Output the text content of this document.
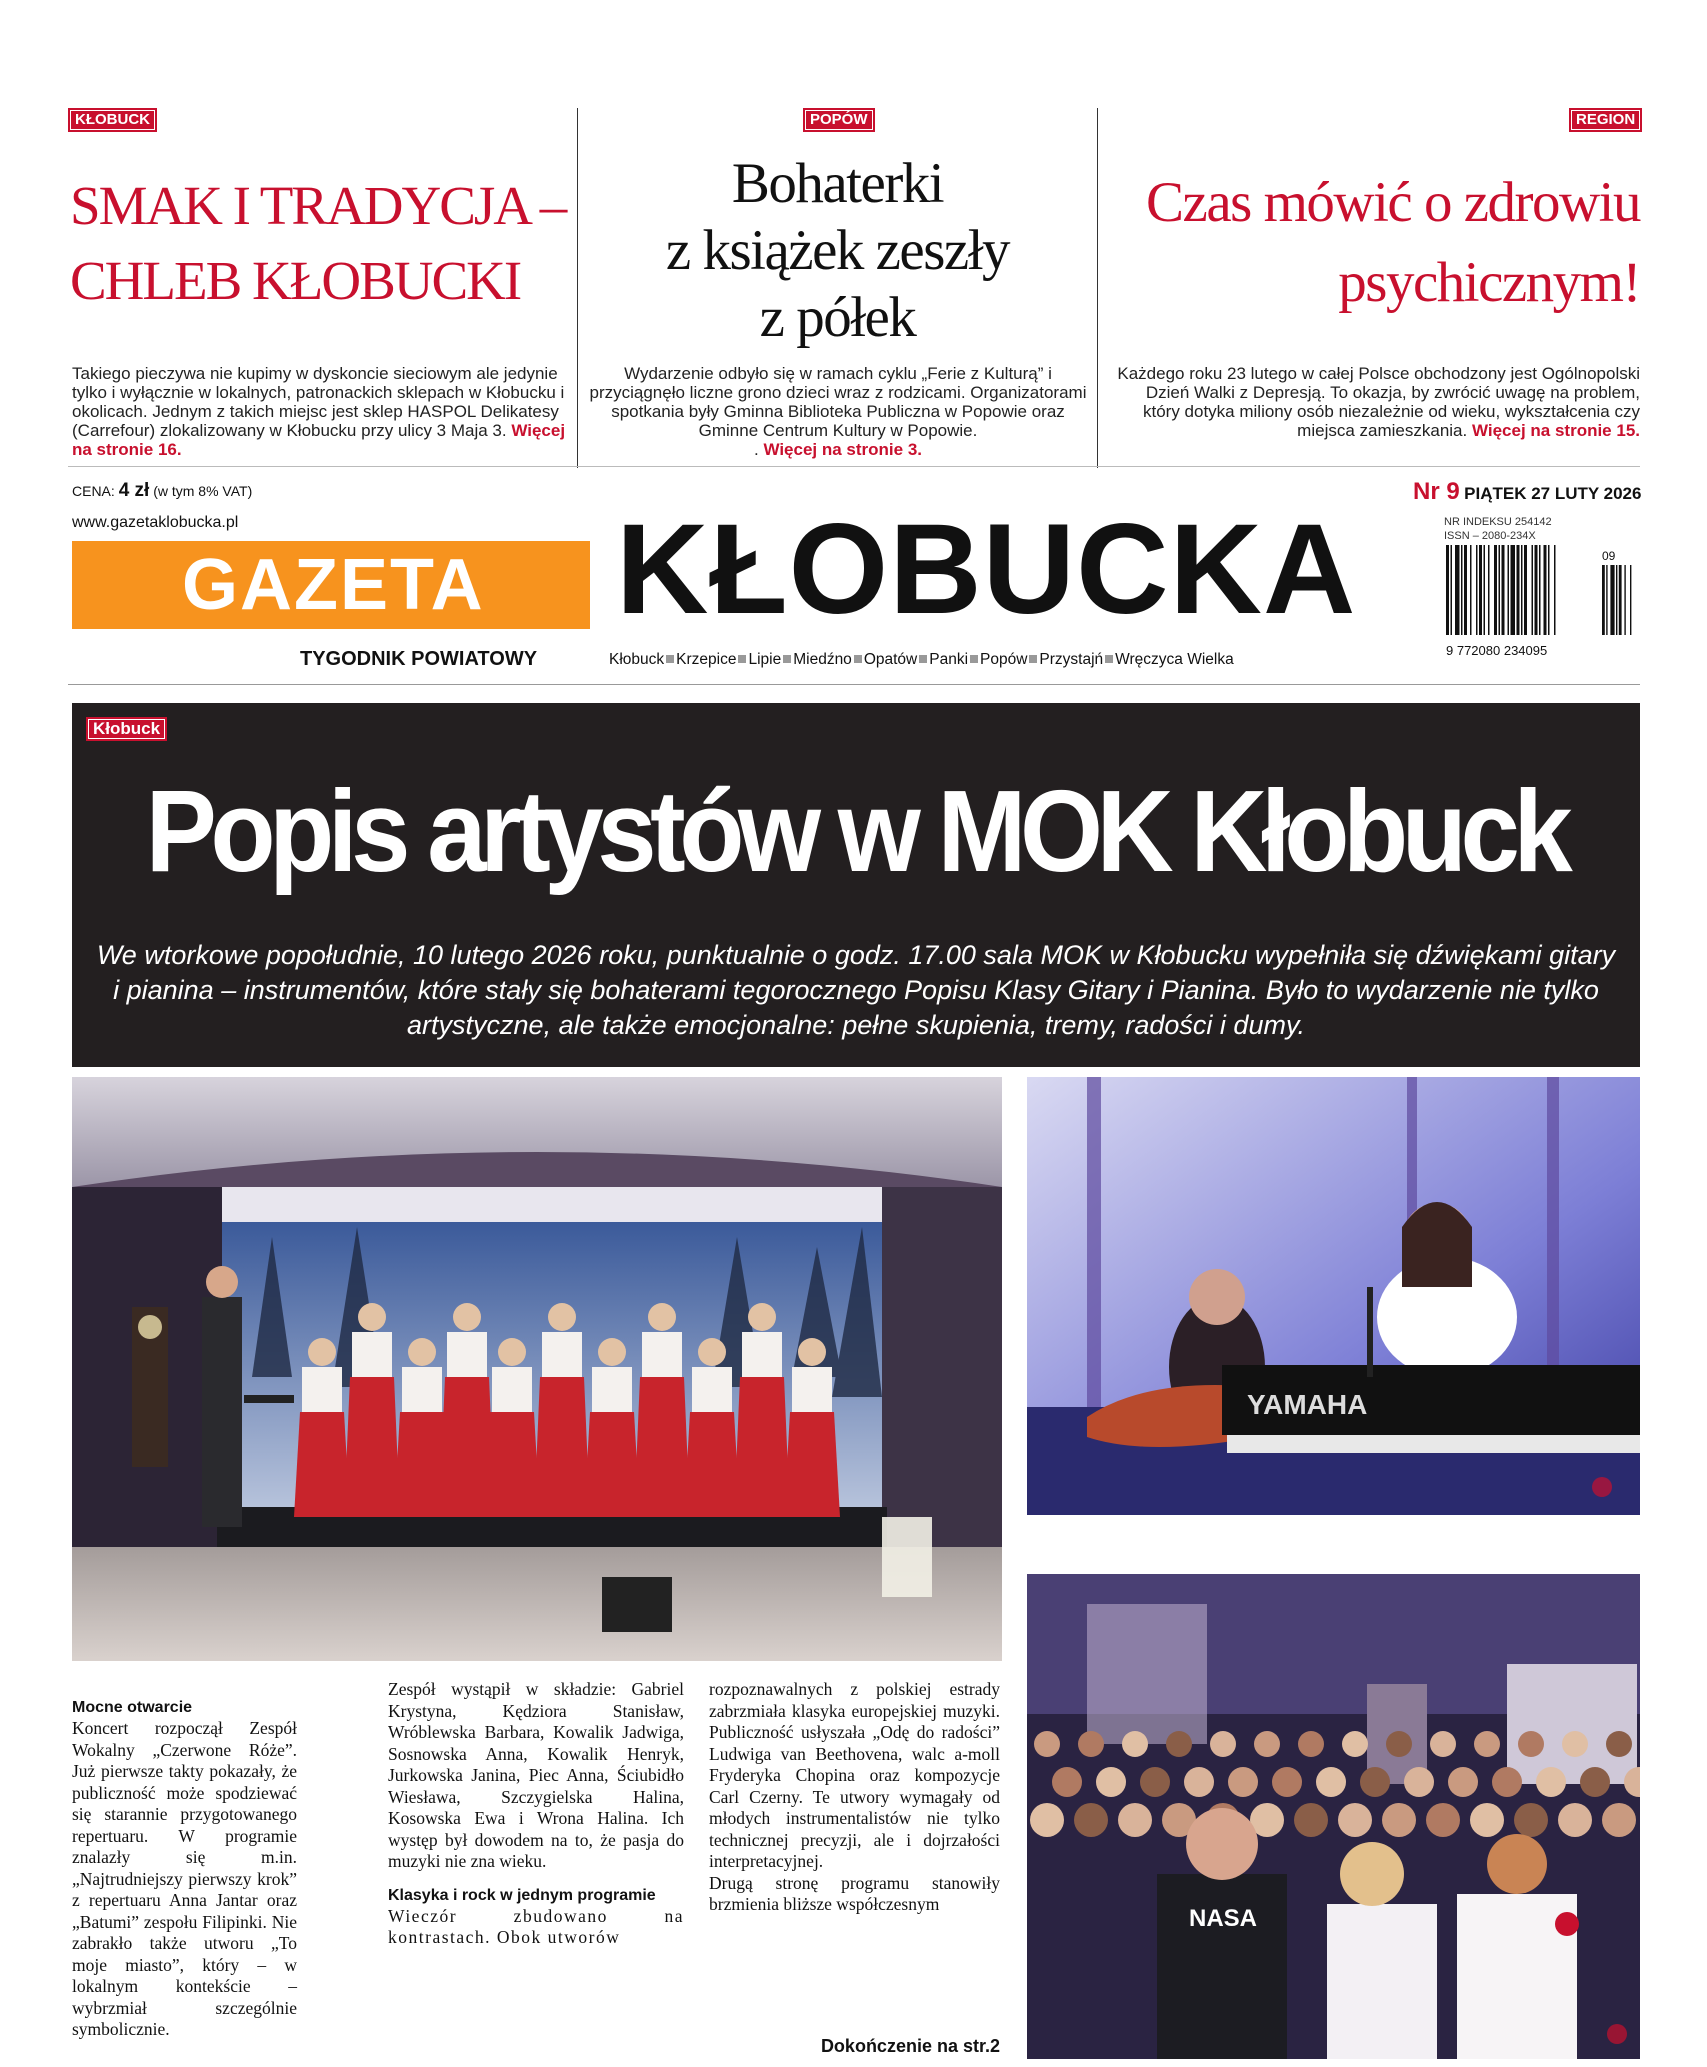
KŁOBUCK
SMAK I TRADYCJA –
CHLEB KŁOBUCKI
Takiego pieczywa nie kupimy w dyskoncie sieciowym ale jedynie tylko i wyłącznie w lokalnych, patronackich sklepach w Kłobucku i okolicach. Jednym z takich miejsc jest sklep HASPOL Delikatesy (Carrefour) zlokalizowany w Kłobucku przy ulicy 3 Maja 3. Więcej na stronie 16.
POPÓW
Bohaterki
z książek zeszły
z półek
Wydarzenie odbyło się w ramach cyklu „Ferie z Kulturą” i przyciągnęło liczne grono dzieci wraz z rodzicami. Organizatorami spotkania były Gminna Biblioteka Publiczna w Popowie oraz Gminne Centrum Kultury w Popowie.
. Więcej na stronie 3.
REGION
Czas mówić o zdrowiu
psychicznym!
Każdego roku 23 lutego w całej Polsce obchodzony jest Ogólnopolski Dzień Walki z Depresją. To okazja, by zwrócić uwagę na problem, który dotyka miliony osób niezależnie od wieku, wykształcenia czy miejsca zamieszkania. Więcej na stronie 15.
CENA: 4 zł (w tym 8% VAT)
www.gazetaklobucka.pl
GAZETA KŁOBUCKA
TYGODNIK POWIATOWY	Kłobuck Krzepice Lipie Miedźno Opatów Panki Popów Przystajń Wręczyca Wielka
Nr 9 PIĄTEK 27 LUTY 2026
NR INDEKSU 254142
ISSN – 2080-234X
9 772080 234095
09
Kłobuck
Popis artystów w MOK Kłobuck
We wtorkowe popołudnie, 10 lutego 2026 roku, punktualnie o godz. 17.00 sala MOK w Kłobucku wypełniła się dźwiękami gitary i pianina – instrumentów, które stały się bohaterami tegorocznego Popisu Klasy Gitary i Pianina. Było to wydarzenie nie tylko artystyczne, ale także emocjonalne: pełne skupienia, tremy, radości i dumy.
YAMAHA
NASA
Mocne otwarcie
Koncert rozpoczął Zespół Wokalny „Czerwone Róże”. Już pierwsze takty pokazały, że publiczność może spodziewać się starannie przygotowanego repertuaru. W programie znalazły się m.in. „Najtrudniejszy pierwszy krok” z repertuaru Anna Jantar oraz „Batumi” zespołu Filipinki. Nie zabrakło także utworu „To moje miasto”, który – w lokalnym kontekście – wybrzmiał szczególnie symbolicznie.
Zespół wystąpił w składzie: Gabriel Krystyna, Kędziora Stanisław, Wróblewska Barbara, Kowalik Jadwiga, Sosnowska Anna, Kowalik Henryk, Jurkowska Janina, Piec Anna, Ściubidło Wiesława, Szczygielska Halina, Kosowska Ewa i Wrona Halina. Ich występ był dowodem na to, że pasja do muzyki nie zna wieku.
Klasyka i rock w jednym programie
Wieczór zbudowano na kontrastach. Obok utworów
rozpoznawalnych z polskiej estrady zabrzmiała klasyka europejskiej muzyki. Publiczność usłyszała „Odę do radości” Ludwiga van Beethovena, walc a-moll Fryderyka Chopina oraz kompozycje Carl Czerny. Te utwory wymagały od młodych instrumentalistów nie tylko technicznej precyzji, ale i dojrzałości interpretacyjnej.
Drugą stronę programu stanowiły brzmienia bliższe współczesnym
Dokończenie na str.2
